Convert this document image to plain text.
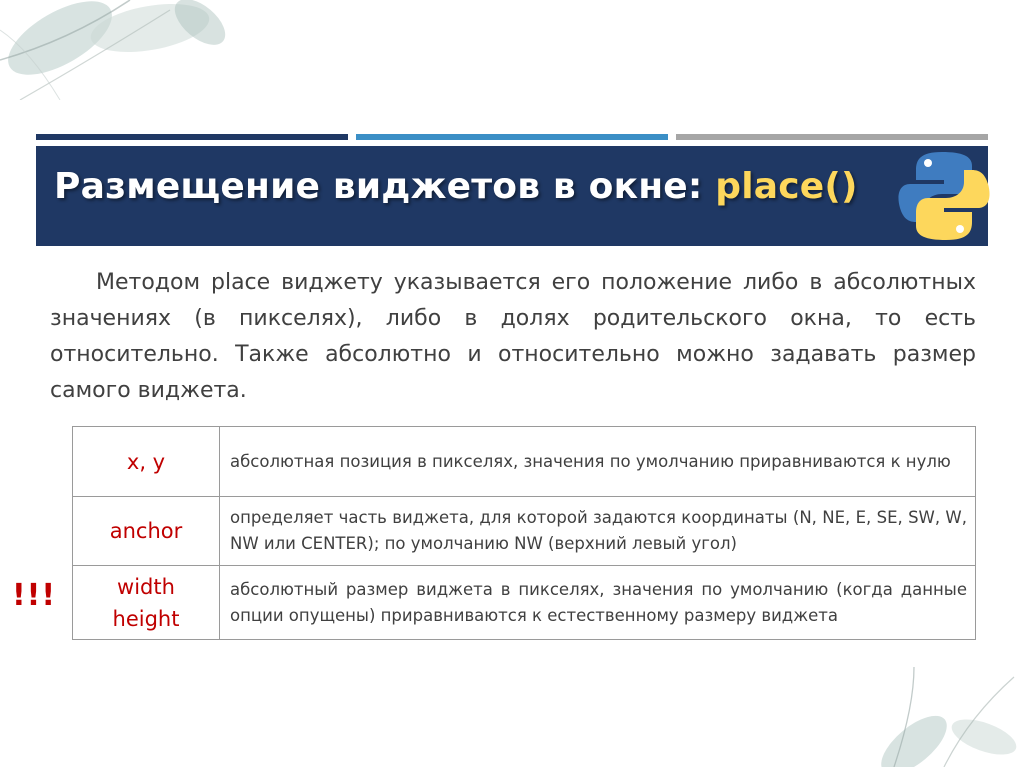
Размещение виджетов в окне: place()
Методом place виджету указывается его положение либо в абсолютных значениях (в пикселях), либо в долях родительского окна, то есть относительно. Также абсолютно и относительно можно задавать размер самого виджета.
x, y	абсолютная позиция в пикселях, значения по умолчанию приравниваются к нулю
anchor	определяет часть виджета, для которой задаются координаты (N, NE, E, SE, SW, W, NW или CENTER); по умолчанию NW (верхний левый угол)
width
height	абсолютный размер виджета в пикселях, значения по умолчанию (когда данные опции опущены) приравниваются к естественному размеру виджета
!!!
